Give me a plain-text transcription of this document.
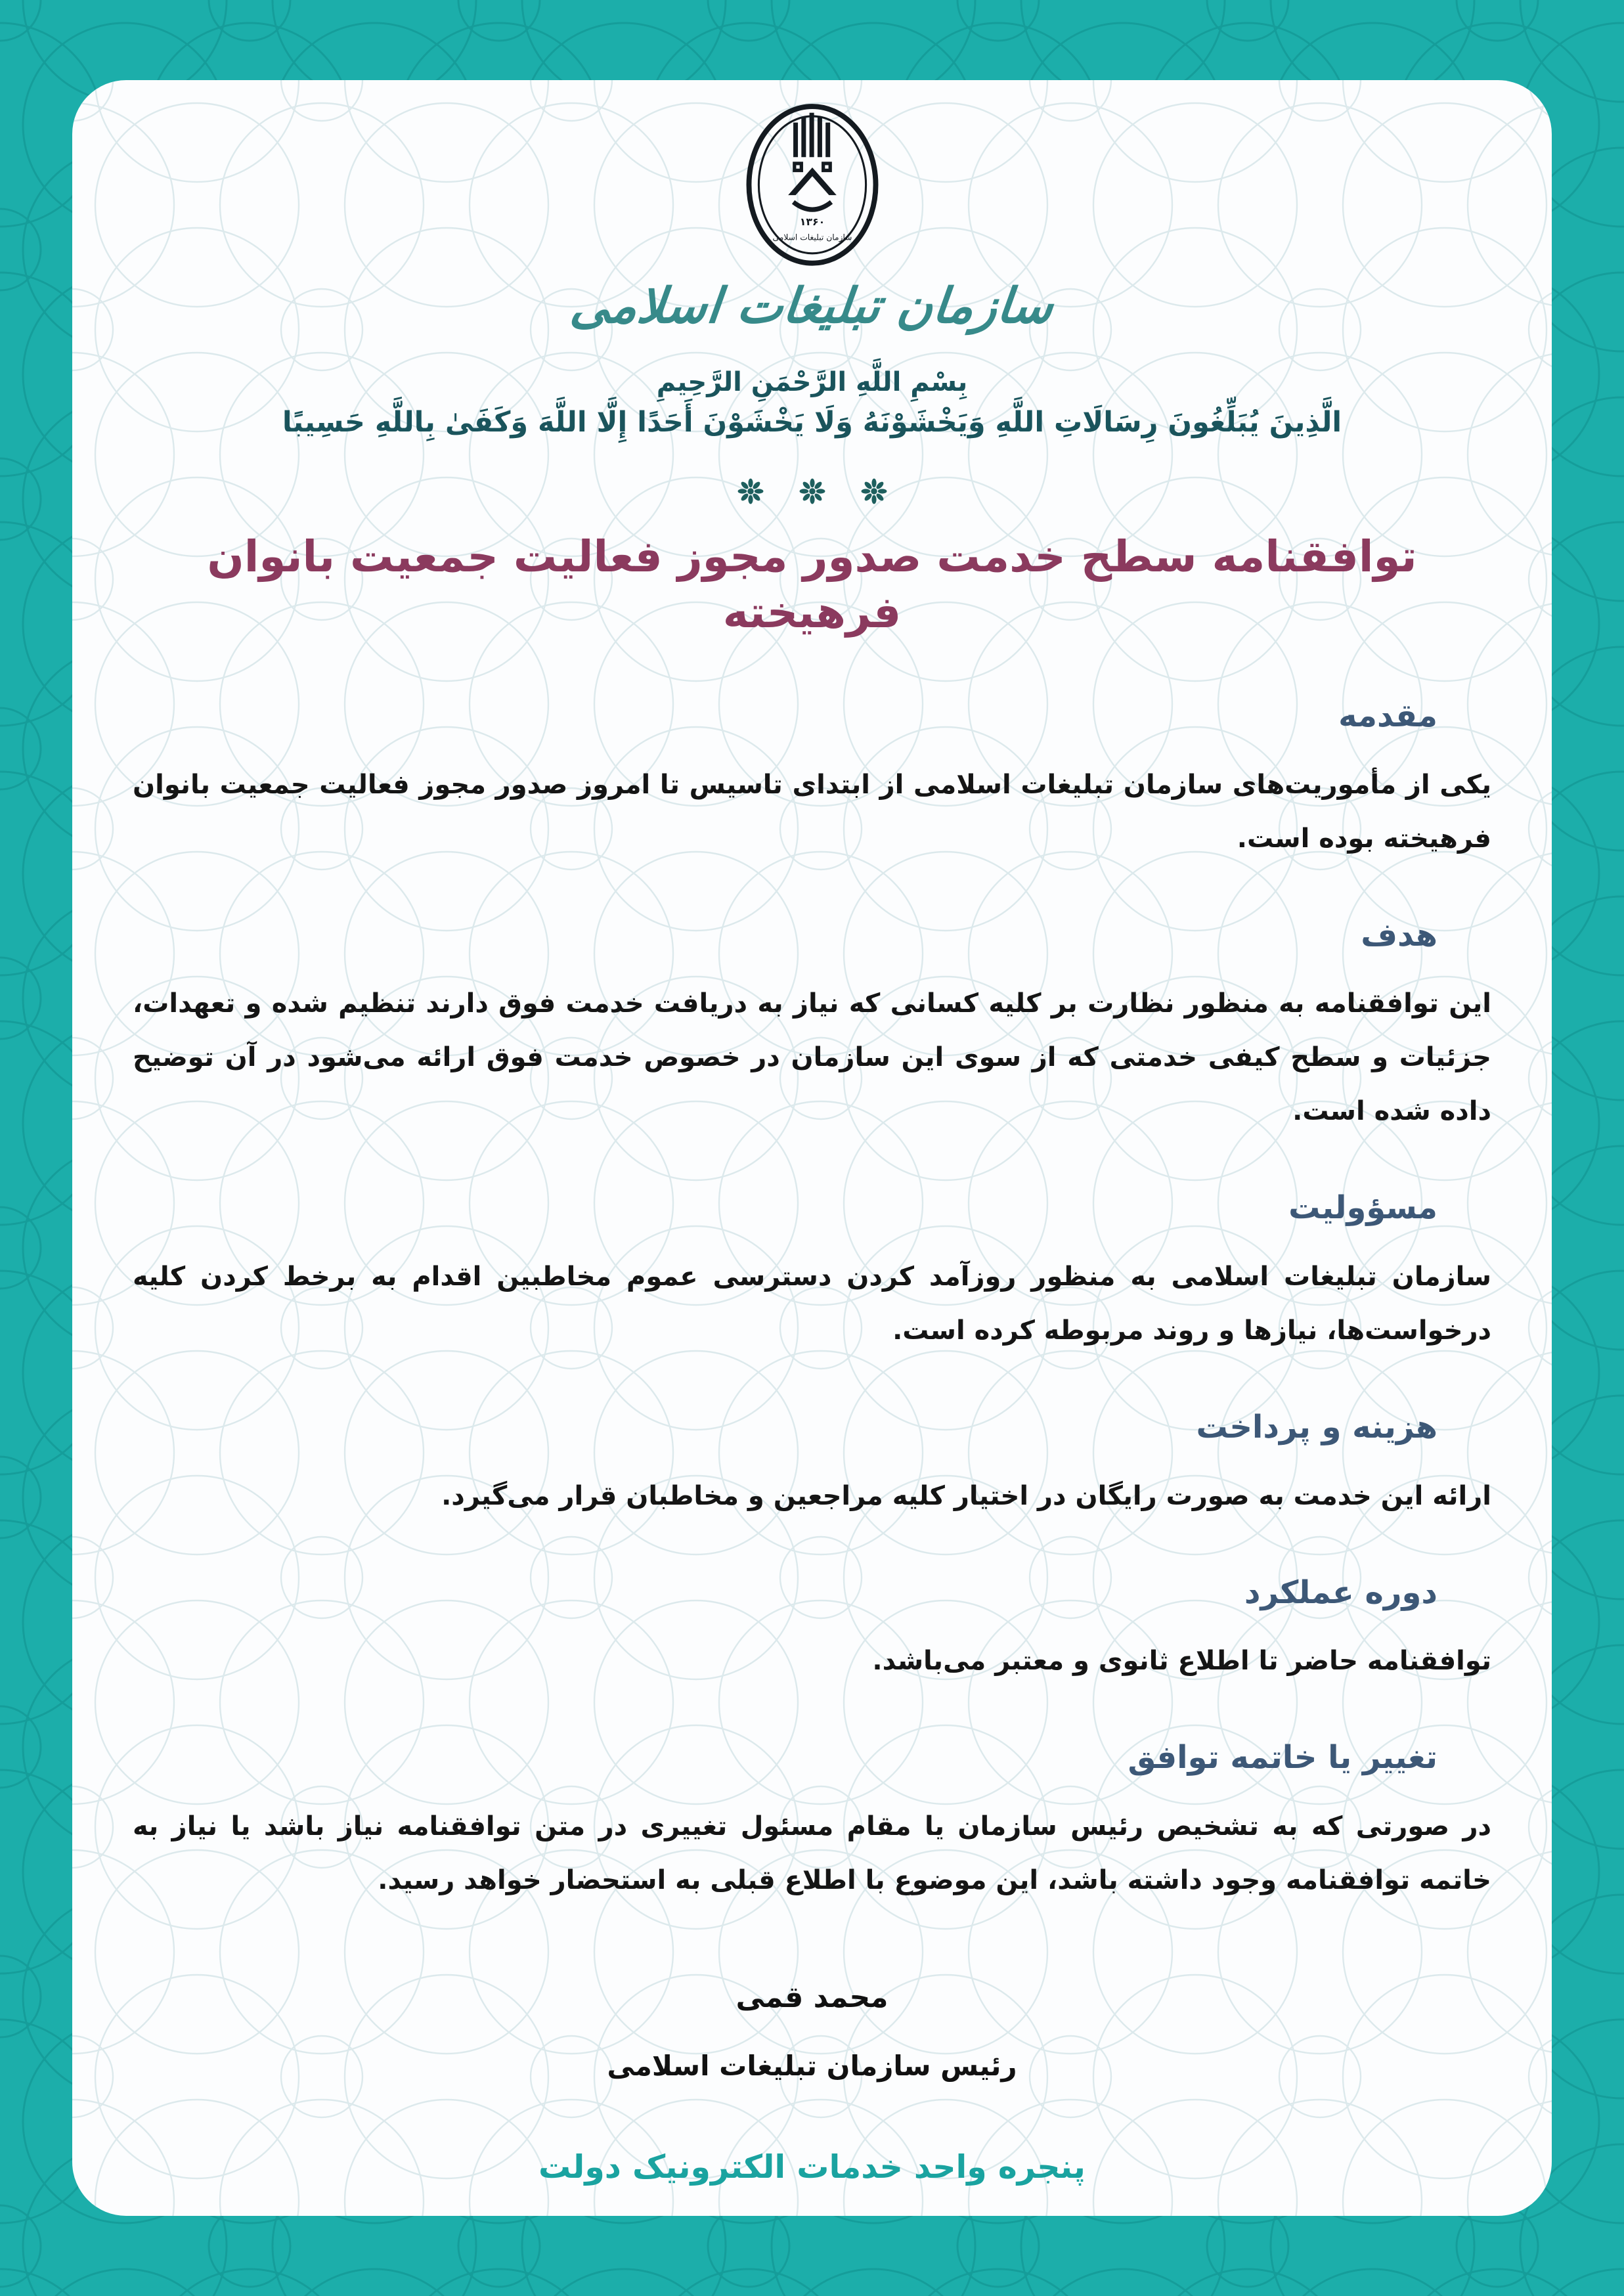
۱۳۶۰
سازمان تبلیغات اسلامی
سازمان تبلیغات اسلامی
بِسْمِ اللَّهِ الرَّحْمَنِ الرَّحِيمِ
الَّذِينَ يُبَلِّغُونَ رِسَالَاتِ اللَّهِ وَيَخْشَوْنَهُ وَلَا يَخْشَوْنَ أَحَدًا إِلَّا اللَّهَ وَكَفَىٰ بِاللَّهِ حَسِيبًا
توافقنامه سطح خدمت صدور مجوز فعالیت جمعیت بانوان فرهیخته
مقدمه

یکی از مأموریت‌های سازمان تبلیغات اسلامی از ابتدای تاسیس تا امروز صدور مجوز فعالیت جمعیت بانوان فرهیخته بوده است.

هدف

این توافقنامه به منظور نظارت بر کلیه کسانی که نیاز به دریافت خدمت فوق دارند تنظیم شده و تعهدات، جزئیات و سطح کیفی خدمتی که از سوی این سازمان در خصوص خدمت فوق ارائه می‌شود در آن توضیح داده شده است.

مسؤولیت

سازمان تبلیغات اسلامی به منظور روزآمد کردن دسترسی عموم مخاطبین اقدام به برخط کردن کلیه درخواست‌ها، نیازها و روند مربوطه کرده است.

هزینه و پرداخت

ارائه این خدمت به صورت رایگان در اختیار کلیه مراجعین و مخاطبان قرار می‌گیرد.

دوره عملکرد

توافقنامه حاضر تا اطلاع ثانوی و معتبر می‌باشد.

تغییر یا خاتمه توافق

در صورتی که به تشخیص رئیس سازمان یا مقام مسئول تغییری در متن توافقنامه نیاز باشد یا نیاز به خاتمه توافقنامه وجود داشته باشد، این موضوع با اطلاع قبلی به استحضار خواهد رسید.

محمد قمی
رئیس سازمان تبلیغات اسلامی
پنجره واحد خدمات الکترونیک دولت
